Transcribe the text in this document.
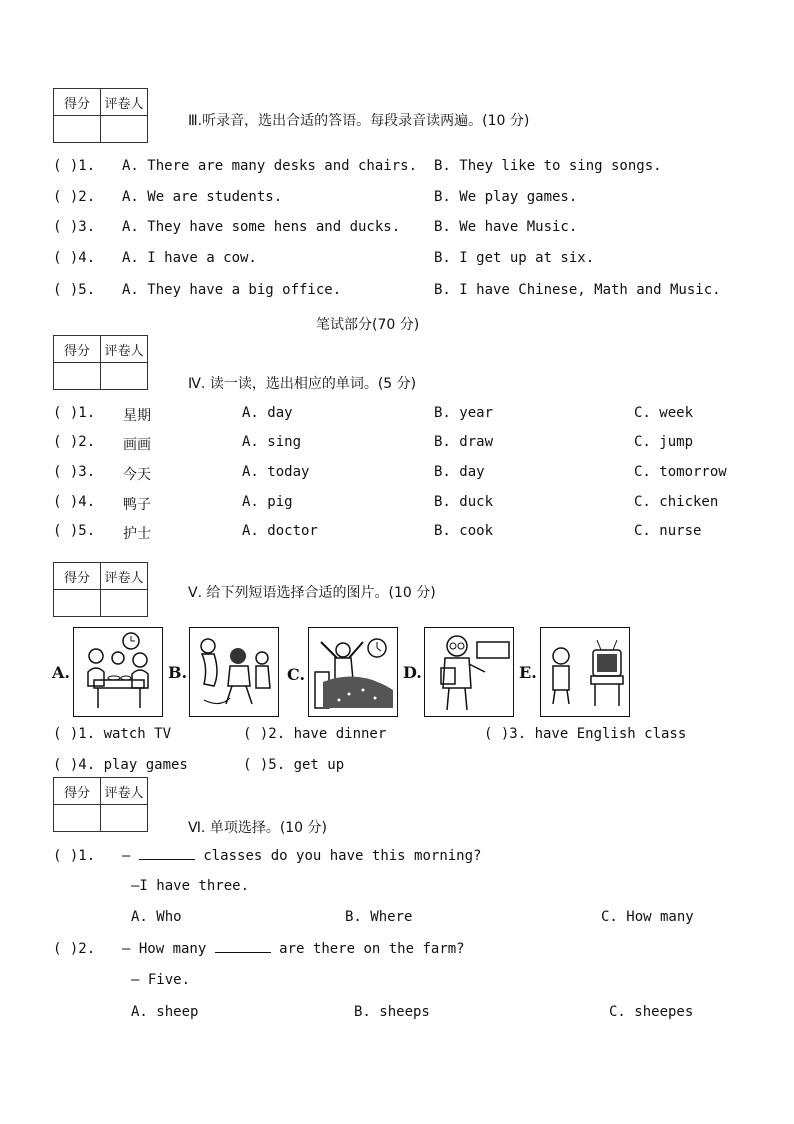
得分	评卷人

Ⅲ.听录音，选出合适的答语。每段录音读两遍。(10 分)
( )1. A. There are many desks and chairs. B. They like to sing songs.
( )2. A. We are students.	B. We play games.
( )3. A. They have some hens and ducks. B. We have Music.
( )4. A. I have a cow.	B. I get up at six.
( )5. A. They have a big office.	B. I have Chinese, Math and Music.
笔试部分(70 分)
得分	评卷人

Ⅳ. 读一读，选出相应的单词。(5 分)
( )1. 星期	A. day	B. year	C. week
( )2. 画画	A. sing	B. draw	C. jump
( )3. 今天	A. today	B. day	C. tomorrow
( )4. 鸭子	A. pig	B. duck	C. chicken
( )5. 护士	A. doctor	B. cook	C. nurse
得分	评卷人

Ⅴ. 给下列短语选择合适的图片。(10 分)
A.	B.	C.	D.	E.
( )1. watch TV	( )2. have dinner	( )3. have English class
( )4. play games	( )5. get up
得分	评卷人

Ⅵ. 单项选择。(10 分)
( )1. —	classes do you have this morning?
—I have three.
A. Who	B. Where	C. How many
( )2. — How many	are there on the farm?
— Five.
A. sheep	B. sheeps	C. sheepes
